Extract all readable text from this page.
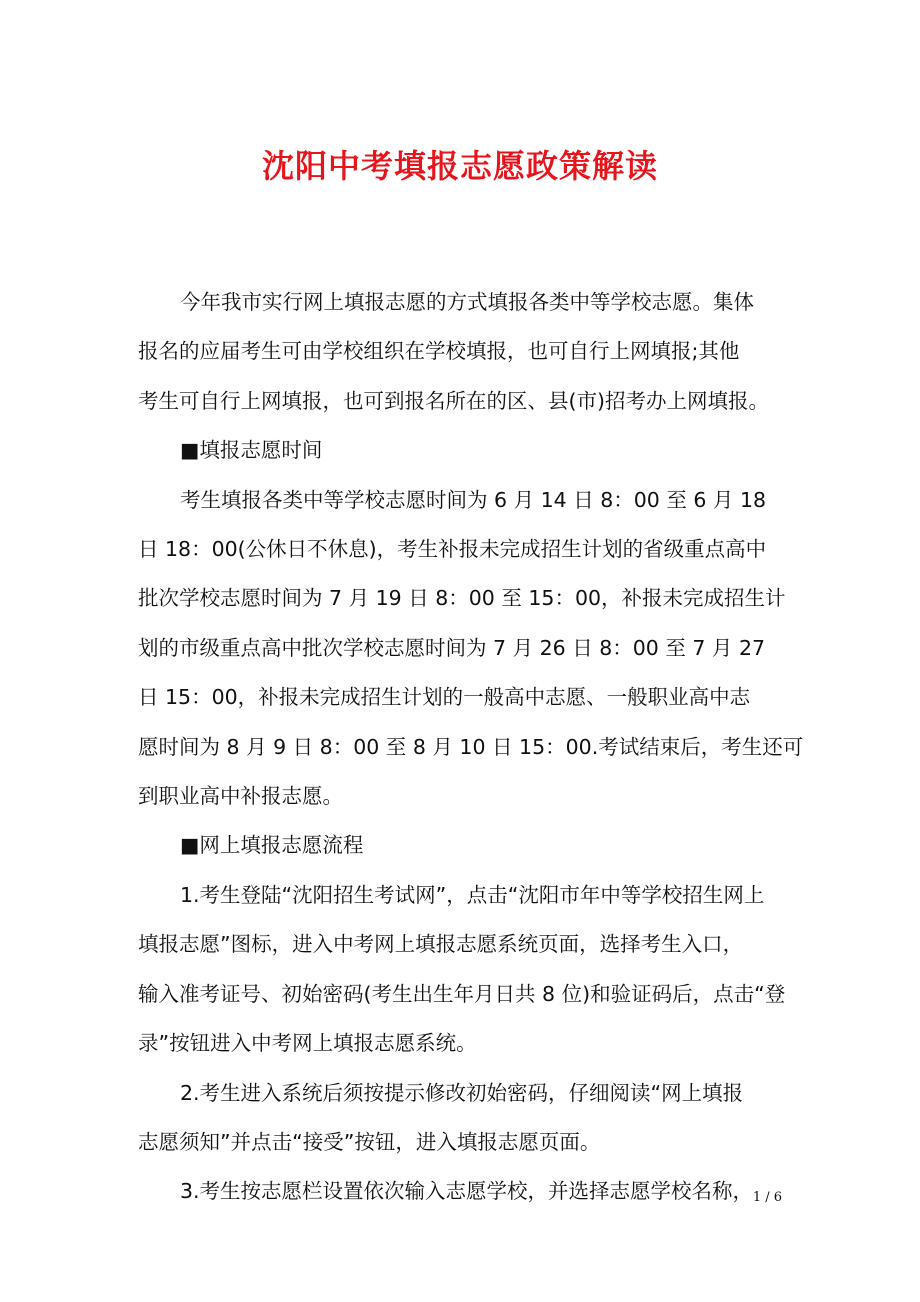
沈阳中考填报志愿政策解读

今年我市实行网上填报志愿的方式填报各类中等学校志愿。集体
报名的应届考生可由学校组织在学校填报，也可自行上网填报;其他
考生可自行上网填报，也可到报名所在的区、县(市)招考办上网填报。

■填报志愿时间

考生填报各类中等学校志愿时间为 6 月 14 日 8：00 至 6 月 18
日 18：00(公休日不休息)，考生补报未完成招生计划的省级重点高中
批次学校志愿时间为 7 月 19 日 8：00 至 15：00，补报未完成招生计
划的市级重点高中批次学校志愿时间为 7 月 26 日 8：00 至 7 月 27
日 15：00，补报未完成招生计划的一般高中志愿、一般职业高中志
愿时间为 8 月 9 日 8：00 至 8 月 10 日 15：00.考试结束后，考生还可
到职业高中补报志愿。

■网上填报志愿流程

1.考生登陆“沈阳招生考试网”，点击“沈阳市年中等学校招生网上
填报志愿”图标，进入中考网上填报志愿系统页面，选择考生入口，
输入准考证号、初始密码(考生出生年月日共 8 位)和验证码后，点击“登
录”按钮进入中考网上填报志愿系统。

2.考生进入系统后须按提示修改初始密码，仔细阅读“网上填报
志愿须知”并点击“接受”按钮，进入填报志愿页面。

3.考生按志愿栏设置依次输入志愿学校，并选择志愿学校名称， 1 / 6
